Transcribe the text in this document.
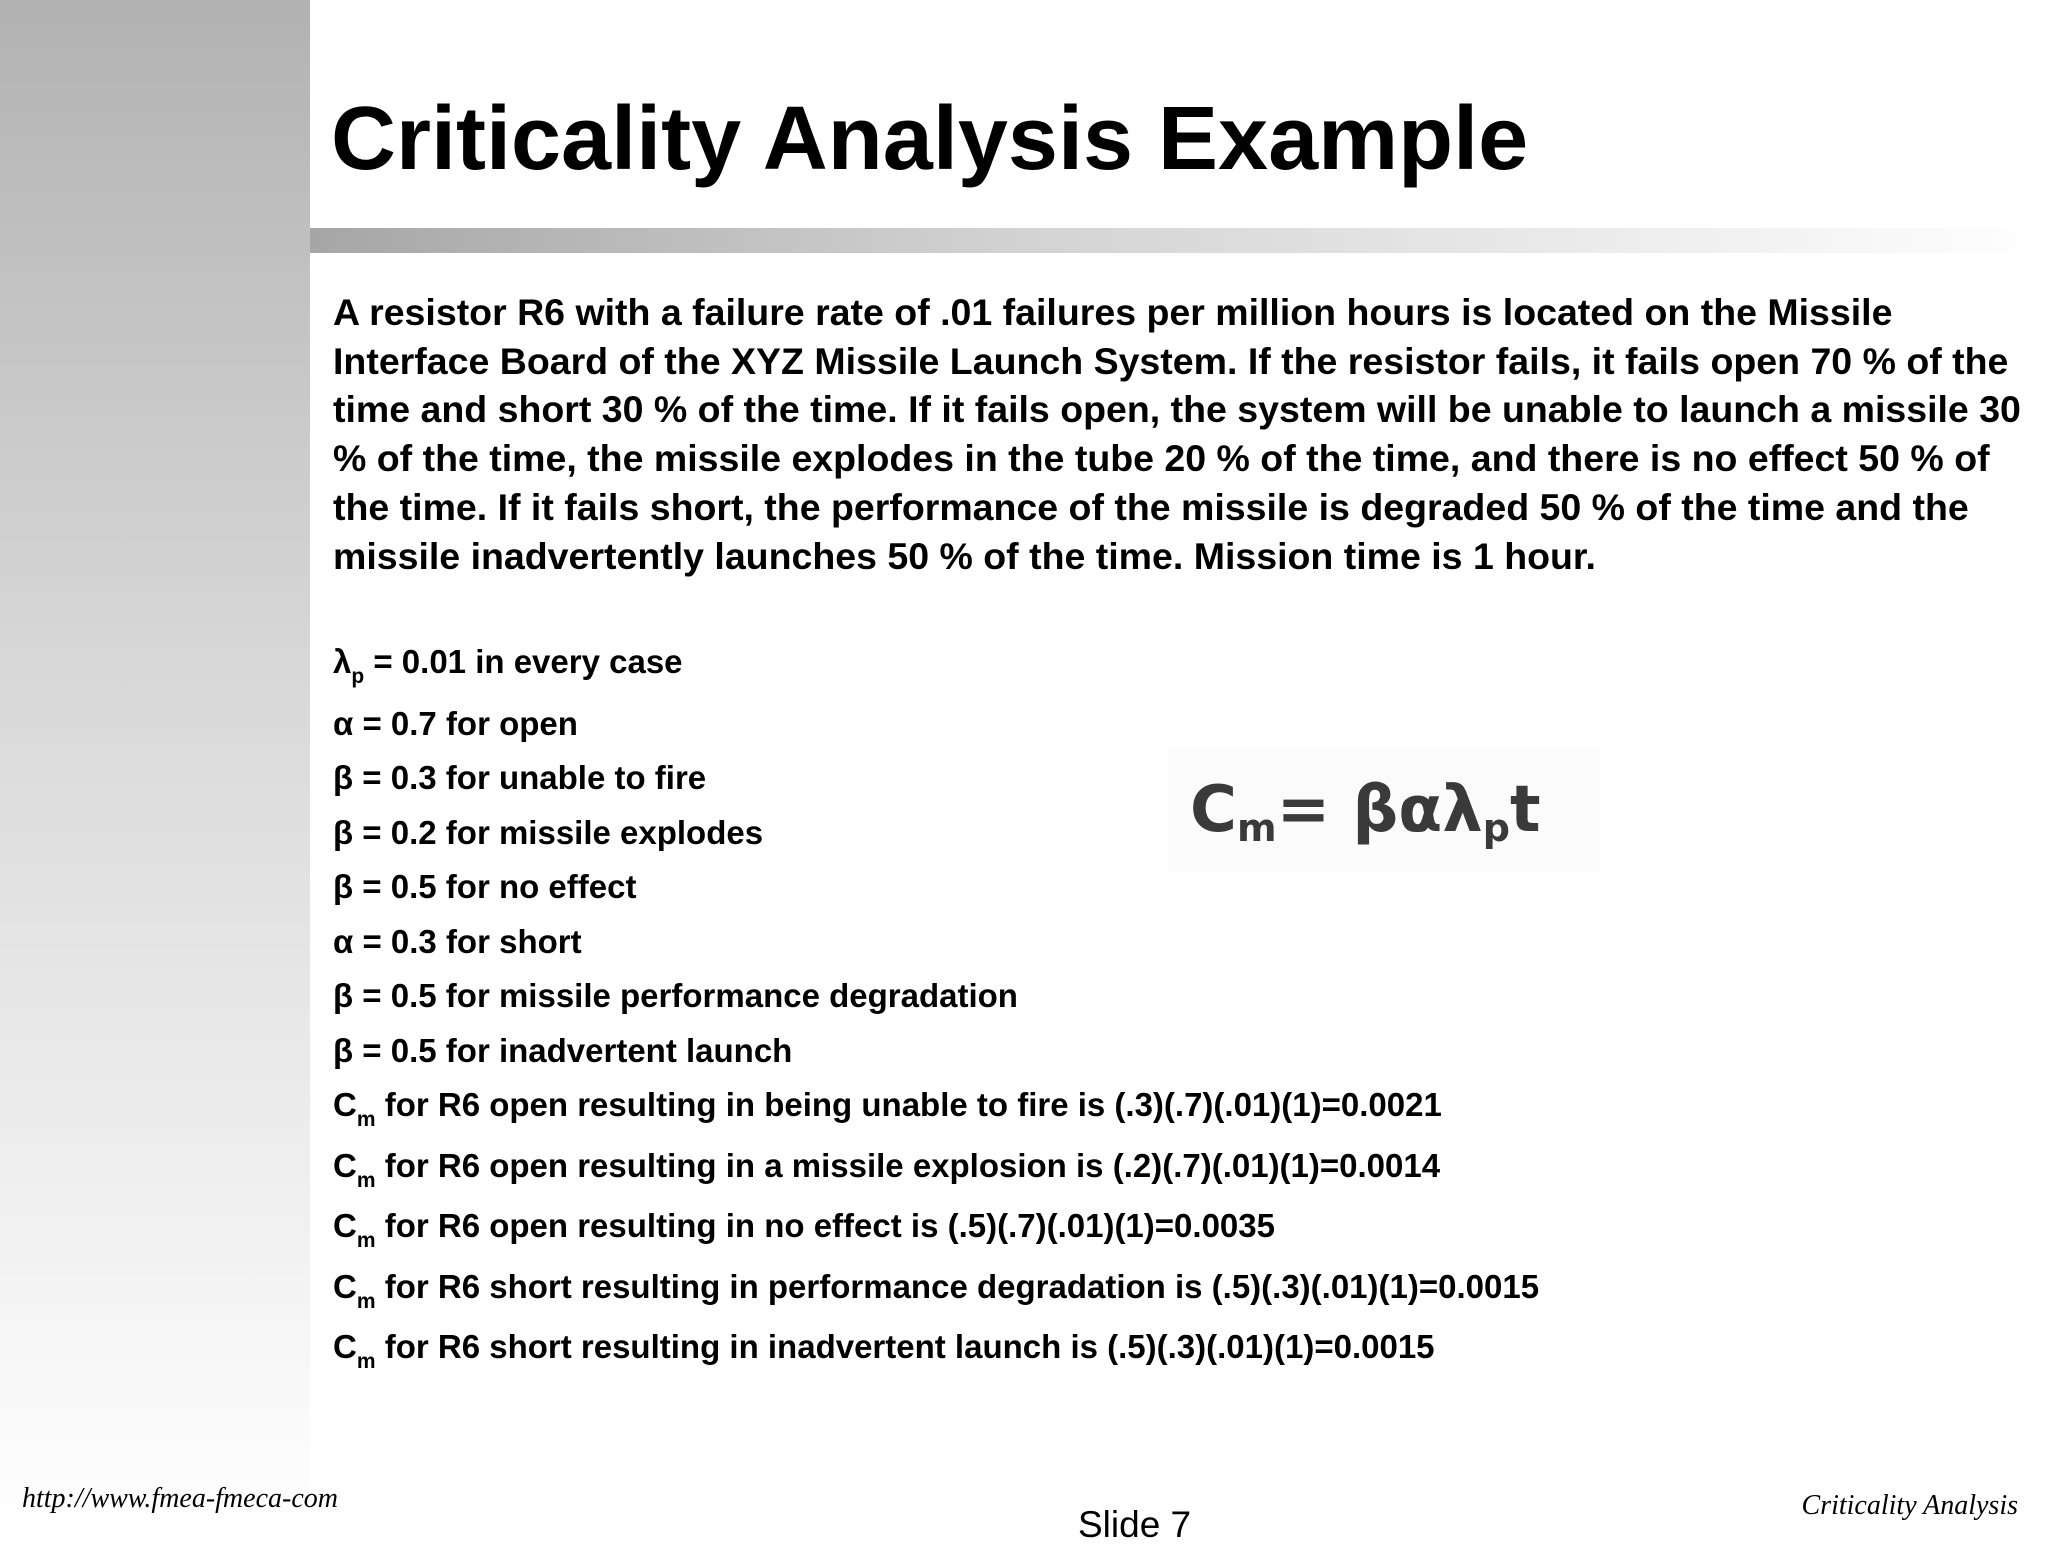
Criticality Analysis Example
A resistor R6 with a failure rate of .01 failures per million hours is located on the Missile Interface Board of the XYZ Missile Launch System. If the resistor fails, it fails open 70 % of the time and short 30 % of the time. If it fails open, the system will be unable to launch a missile 30 % of the time, the missile explodes in the tube 20 % of the time, and there is no effect 50 % of the time. If it fails short, the performance of the missile is degraded 50 % of the time and the missile inadvertently launches 50 % of the time. Mission time is 1 hour.
$\lambda_p = 0.01$ in every case
α = 0.7 for open
β = 0.3 for unable to fire
β = 0.2 for missile explodes
β = 0.5 for no effect
α = 0.3 for short
β = 0.5 for missile performance degradation
β = 0.5 for inadvertent launch
$C_m$ for R6 open resulting in being unable to fire is (.3)(.7)(.01)(1)=0.0021
$C_m$ for R6 open resulting in a missile explosion is (.2)(.7)(.01)(1)=0.0014
$C_m$ for R6 open resulting in no effect is (.5)(.7)(.01)(1)=0.0035
$C_m$ for R6 short resulting in performance degradation is (.5)(.3)(.01)(1)=0.0015
$C_m$ for R6 short resulting in inadvertent launch is (.5)(.3)(.01)(1)=0.0015
C m = βαλ p t
http://www.fmea-fmeca-com
Slide 7	Criticality Analysis
